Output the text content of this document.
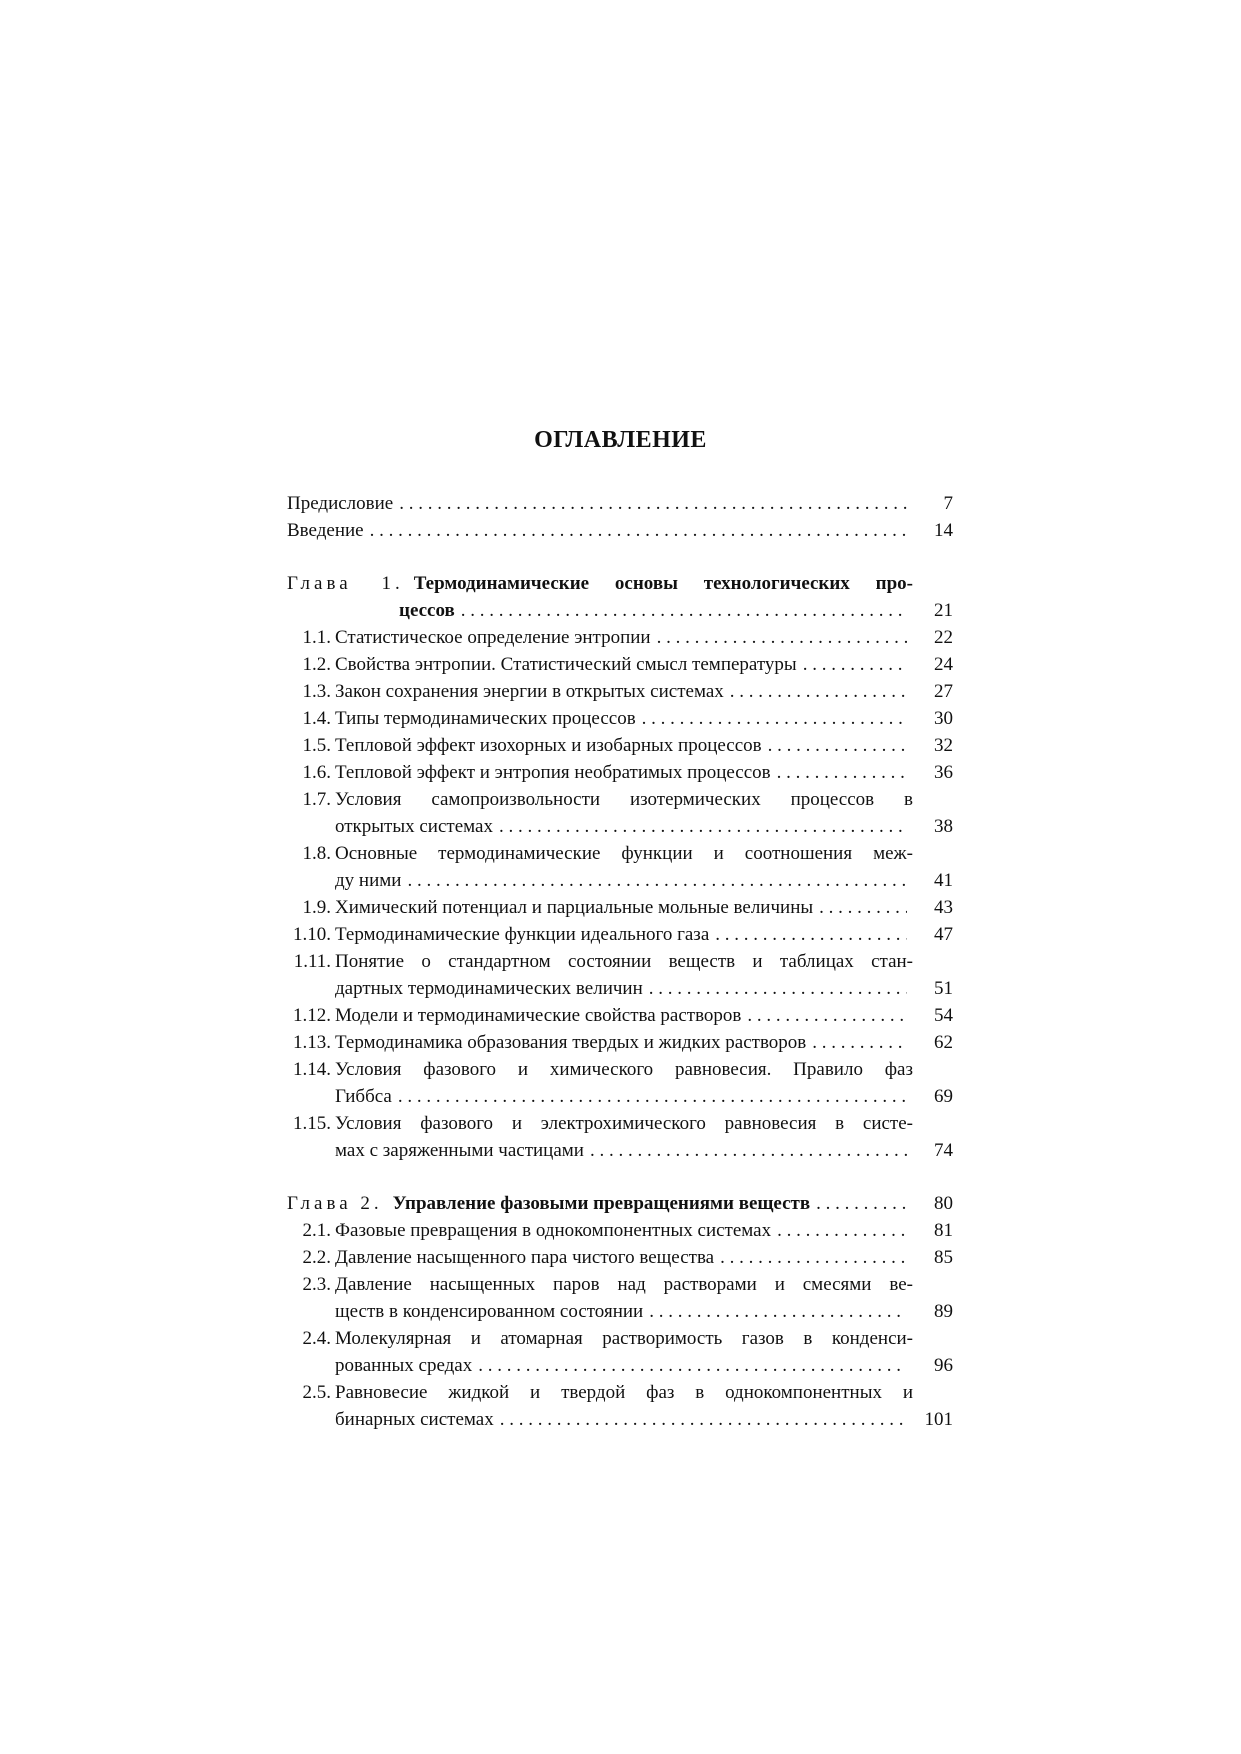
ОГЛАВЛЕНИЕ
Предисловие . . .	7
Введение . . .	14
Глава 1. Термодинамические основы технологических про-
цессов . . .	21
1.1. Статистическое определение энтропии . . .	22
1.2. Свойства энтропии. Статистический смысл температуры . . .	24
1.3. Закон сохранения энергии в открытых системах . . .	27
1.4. Типы термодинамических процессов . . .	30
1.5. Тепловой эффект изохорных и изобарных процессов . . .	32
1.6. Тепловой эффект и энтропия необратимых процессов . . .	36
1.7. Условия самопроизвольности изотермических процессов в
открытых системах . . .	38
1.8. Основные термодинамические функции и соотношения меж-
ду ними . . .	41
1.9. Химический потенциал и парциальные мольные величины . . .	43
1.10. Термодинамические функции идеального газа . . .	47
1.11. Понятие о стандартном состоянии веществ и таблицах стан-
дартных термодинамических величин . . .	51
1.12. Модели и термодинамические свойства растворов . . .	54
1.13. Термодинамика образования твердых и жидких растворов . . .	62
1.14. Условия фазового и химического равновесия. Правило фаз
Гиббса . . .	69
1.15. Условия фазового и электрохимического равновесия в систе-
мах с заряженными частицами . . .	74
Глава 2. Управление фазовыми превращениями веществ . . .	80
2.1. Фазовые превращения в однокомпонентных системах . . .	81
2.2. Давление насыщенного пара чистого вещества . . .	85
2.3. Давление насыщенных паров над растворами и смесями ве-
ществ в конденсированном состоянии . . .	89
2.4. Молекулярная и атомарная растворимость газов в конденси-
рованных средах . . .	96
2.5. Равновесие жидкой и твердой фаз в однокомпонентных и
бинарных системах . . .	101
